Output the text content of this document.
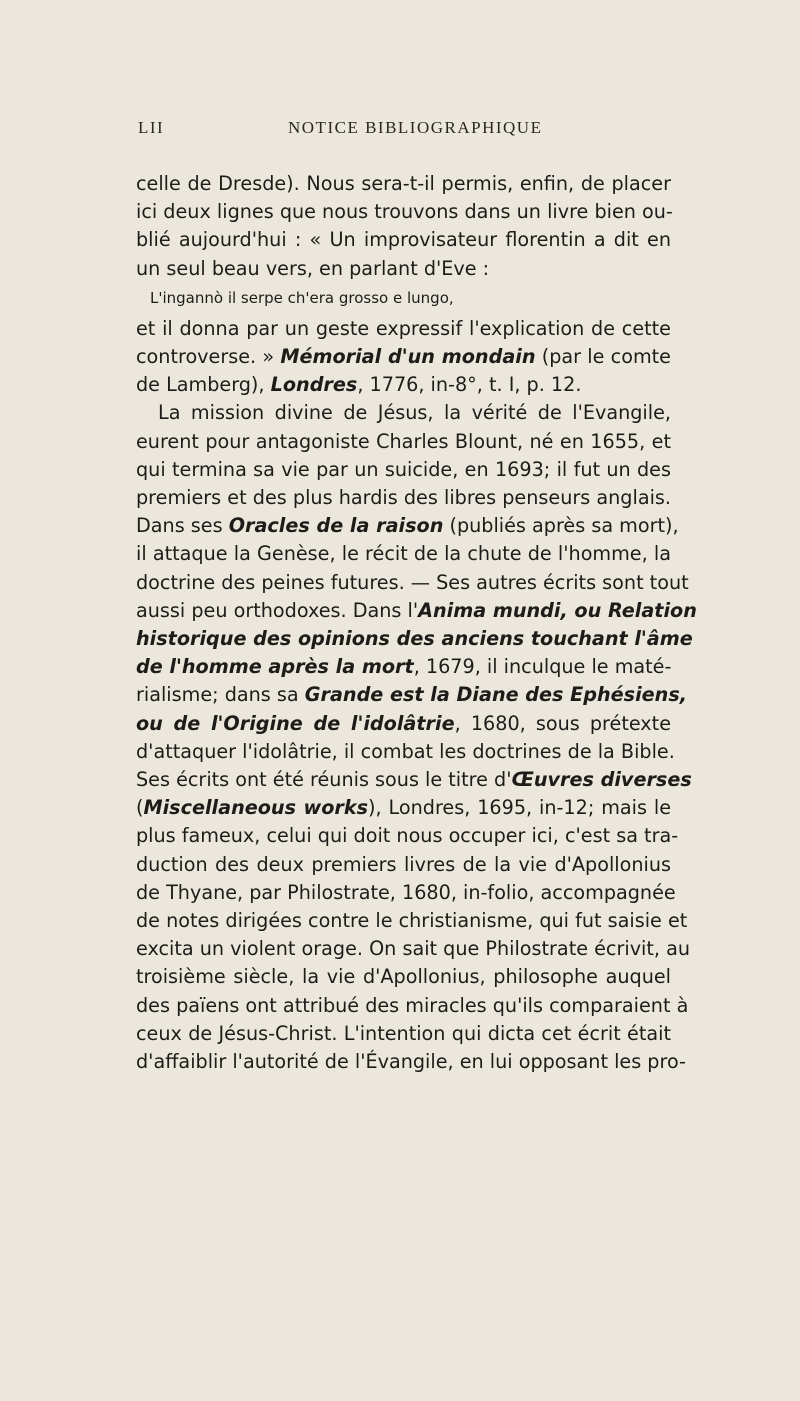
LII	NOTICE BIBLIOGRAPHIQUE
celle de Dresde). Nous sera-t-il permis, enfin, de placer
ici deux lignes que nous trouvons dans un livre bien ou-
blié aujourd'hui : « Un improvisateur florentin a dit en
un seul beau vers, en parlant d'Eve :
L'ingannò il serpe ch'era grosso e lungo,
et il donna par un geste expressif l'explication de cette
controverse. » Mémorial d'un mondain (par le comte
de Lamberg), Londres, 1776, in-8°, t. I, p. 12.
La mission divine de Jésus, la vérité de l'Evangile,
eurent pour antagoniste Charles Blount, né en 1655, et
qui termina sa vie par un suicide, en 1693; il fut un des
premiers et des plus hardis des libres penseurs anglais.
Dans ses Oracles de la raison (publiés après sa mort),
il attaque la Genèse, le récit de la chute de l'homme, la
doctrine des peines futures. — Ses autres écrits sont tout
aussi peu orthodoxes. Dans l'Anima mundi, ou Relation
historique des opinions des anciens touchant l'âme
de l'homme après la mort, 1679, il inculque le maté-
rialisme; dans sa Grande est la Diane des Ephésiens,
ou de l'Origine de l'idolâtrie, 1680, sous prétexte
d'attaquer l'idolâtrie, il combat les doctrines de la Bible.
Ses écrits ont été réunis sous le titre d'Œuvres diverses
(Miscellaneous works), Londres, 1695, in-12; mais le
plus fameux, celui qui doit nous occuper ici, c'est sa tra-
duction des deux premiers livres de la vie d'Apollonius
de Thyane, par Philostrate, 1680, in-folio, accompagnée
de notes dirigées contre le christianisme, qui fut saisie et
excita un violent orage. On sait que Philostrate écrivit, au
troisième siècle, la vie d'Apollonius, philosophe auquel
des païens ont attribué des miracles qu'ils comparaient à
ceux de Jésus-Christ. L'intention qui dicta cet écrit était
d'affaiblir l'autorité de l'Évangile, en lui opposant les pro-
